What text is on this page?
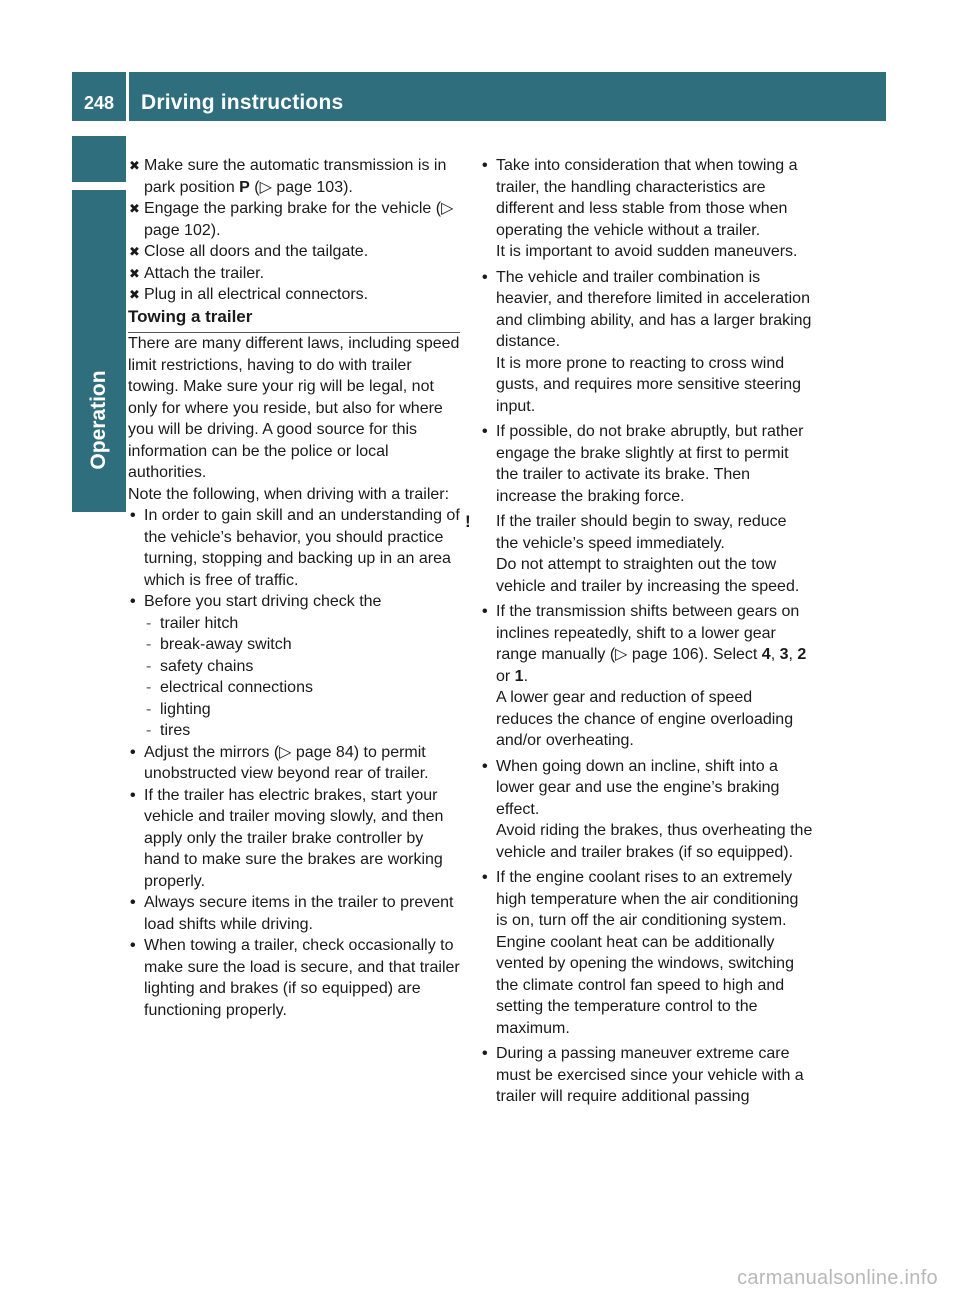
248	Driving instructions
Operation

✖ Make sure the automatic transmission is in park position P (▷ page 103).

✖ Engage the parking brake for the vehicle (▷ page 102).

✖ Close all doors and the tailgate.

✖ Attach the trailer.

✖ Plug in all electrical connectors.

Towing a trailer

There are many different laws, including speed limit restrictions, having to do with trailer towing. Make sure your rig will be legal, not only for where you reside, but also for where you will be driving. A good source for this information can be the police or local authorities.

Note the following, when driving with a trailer:

• In order to gain skill and an understanding of the vehicle’s behavior, you should practice turning, stopping and backing up in an area which is free of traffic.

• Before you start driving check the

- trailer hitch

- break-away switch

- safety chains

- electrical connections

- lighting

- tires

• Adjust the mirrors (▷ page 84) to permit unobstructed view beyond rear of trailer.

• If the trailer has electric brakes, start your vehicle and trailer moving slowly, and then apply only the trailer brake controller by hand to make sure the brakes are working properly.

• Always secure items in the trailer to prevent load shifts while driving.

• When towing a trailer, check occasionally to make sure the load is secure, and that trailer lighting and brakes (if so equipped) are functioning properly.

• Take into consideration that when towing a trailer, the handling characteristics are different and less stable from those when operating the vehicle without a trailer.

It is important to avoid sudden maneuvers.

• The vehicle and trailer combination is heavier, and therefore limited in acceleration and climbing ability, and has a larger braking distance.

It is more prone to reacting to cross wind gusts, and requires more sensitive steering input.

• If possible, do not brake abruptly, but rather engage the brake slightly at first to permit the trailer to activate its brake. Then increase the braking force.

! If the trailer should begin to sway, reduce the vehicle’s speed immediately.

Do not attempt to straighten out the tow vehicle and trailer by increasing the speed.

• If the transmission shifts between gears on inclines repeatedly, shift to a lower gear range manually (▷ page 106). Select 4, 3, 2 or 1.

A lower gear and reduction of speed reduces the chance of engine overloading and/or overheating.

• When going down an incline, shift into a lower gear and use the engine’s braking effect.

Avoid riding the brakes, thus overheating the vehicle and trailer brakes (if so equipped).

• If the engine coolant rises to an extremely high temperature when the air conditioning is on, turn off the air conditioning system.

Engine coolant heat can be additionally vented by opening the windows, switching the climate control fan speed to high and setting the temperature control to the maximum.

• During a passing maneuver extreme care must be exercised since your vehicle with a trailer will require additional passing

carmanualsonline.info
